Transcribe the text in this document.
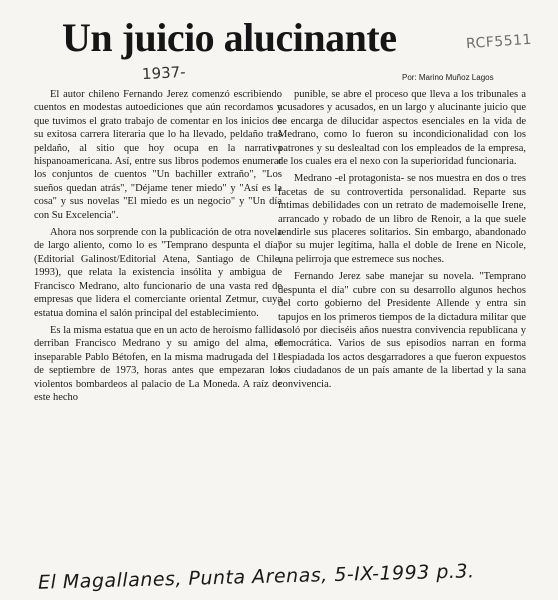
Un juicio alucinante	RCF5511
1937-	Por: Marino Muñoz Lagos

El autor chileno Fernando Jerez comenzó escribiendo cuentos en modestas autoediciones que aún recordamos y que tuvimos el grato trabajo de comentar en los inicios de su exitosa carrera literaria que lo ha llevado, peldaño tras peldaño, al sitio que hoy ocupa en la narrativa hispanoamericana. Así, entre sus libros podemos enumerar los conjuntos de cuentos "Un bachiller extraño", "Los sueños quedan atrás", "Déjame tener miedo" y "Así es la cosa" y sus novelas "El miedo es un negocio" y "Un día con Su Excelencia".

Ahora nos sorprende con la publicación de otra novela de largo aliento, como lo es "Temprano despunta el día" (Editorial Galinost/Editorial Atena, Santiago de Chile, 1993), que relata la existencia insólita y ambigua de Francisco Medrano, alto funcionario de una vasta red de empresas que lidera el comerciante oriental Zetmur, cuya estatua domina el salón principal del establecimiento.

Es la misma estatua que en un acto de heroísmo fallido derriban Francisco Medrano y su amigo del alma, el inseparable Pablo Bétofen, en la misma madrugada del 11 de septiembre de 1973, horas antes que empezaran los violentos bombardeos al palacio de La Moneda. A raíz de este hecho

punible, se abre el proceso que lleva a los tribunales a acusadores y acusados, en un largo y alucinante juicio que se encarga de dilucidar aspectos esenciales en la vida de Medrano, como lo fueron su incondicionalidad con los patrones y su deslealtad con los empleados de la empresa, de los cuales era el nexo con la superioridad funcionaria.

Medrano -el protagonista- se nos muestra en dos o tres facetas de su controvertida personalidad. Reparte sus íntimas debilidades con un retrato de mademoiselle Irene, arrancado y robado de un libro de Renoir, a la que suele rendirle sus placeres solitarios. Sin embargo, abandonado por su mujer legítima, halla el doble de Irene en Nicole, una pelirroja que estremece sus noches.

Fernando Jerez sabe manejar su novela. "Temprano despunta el día" cubre con su desarrollo algunos hechos del corto gobierno del Presidente Allende y entra sin tapujos en los primeros tiempos de la dictadura militar que asoló por dieciséis años nuestra convivencia republicana y democrática. Varios de sus episodios narran en forma despiadada los actos desgarradores a que fueron expuestos los ciudadanos de un país amante de la libertad y la sana convivencia.

El Magallanes, Punta Arenas, 5-IX-1993 p.3.
